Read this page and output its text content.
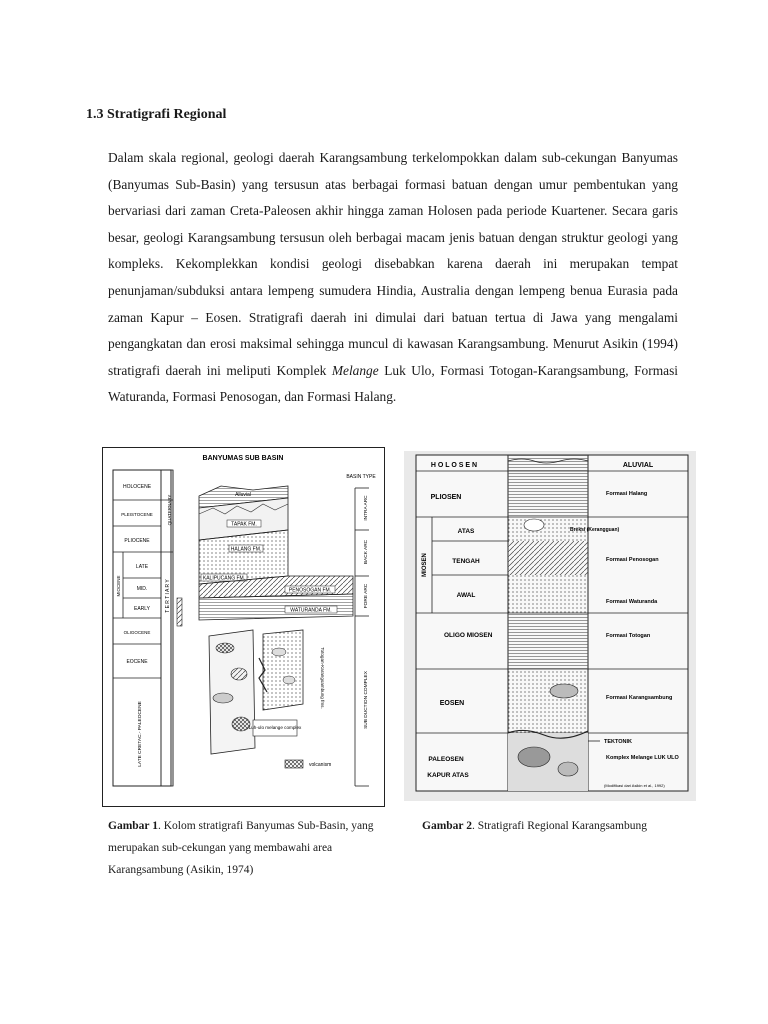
1.3 Stratigrafi Regional
Dalam skala regional, geologi daerah Karangsambung terkelompokkan dalam sub-cekungan Banyumas (Banyumas Sub-Basin) yang tersusun atas berbagai formasi batuan dengan umur pembentukan yang bervariasi dari zaman Creta-Paleosen akhir hingga zaman Holosen pada periode Kuartener. Secara garis besar, geologi Karangsambung tersusun oleh berbagai macam jenis batuan dengan struktur geologi yang kompleks. Kekomplekkan kondisi geologi disebabkan karena daerah ini merupakan tempat penunjaman/subduksi antara lempeng sumudera Hindia, Australia dengan lempeng benua Eurasia pada zaman Kapur – Eosen. Stratigrafi daerah ini dimulai dari batuan tertua di Jawa yang mengalami pengangkatan dan erosi maksimal sehingga muncul di kawasan Karangsambung. Menurut Asikin (1994) stratigrafi daerah ini meliputi Komplek Melange Luk Ulo, Formasi Totogan-Karangsambung, Formasi Waturanda, Formasi Penosogan, dan Formasi Halang.
BANYUMAS SUB BASIN
HOLOCENE
PLEISTOCENE
PLIOCENE
LATE
MID.
EARLY
OLIGOCENE
EOCENE
LATE CRETAC.- PALEOCENE
MIOCENE
QUATERNARY
T E R T I A R Y
Alluvial
TAPAK FM.
HALANG FM.
KALIPUCANG FM.
PENOSOGAN FM.
WATURANDA FM.
Totogan-Karangsambung fms.
Luh-ulo melange complex
BASIN TYPE
INTRA ARC
BACK ARC
FORE ARC
SUB DUCTION COMPLEX
volcanism
H O L O S E N
PLIOSEN
ATAS
TENGAH
AWAL
MIOSEN
OLIGO MIOSEN
EOSEN
PALEOSEN
KAPUR ATAS
ALUVIAL
Formasi Halang
Breksi (Kerangguan)
Formasi Penosogan
Formasi Waturanda
Formasi Totogan
Formasi Karangsambung
TEKTONIK
Komplex Melange LUK ULO
(Modifikasi dari Asikin et al., 1992)
Gambar 1. Kolom stratigrafi Banyumas Sub-Basin, yang merupakan sub-cekungan yang membawahi area Karangsambung (Asikin, 1974)
Gambar 2. Stratigrafi Regional Karangsambung
